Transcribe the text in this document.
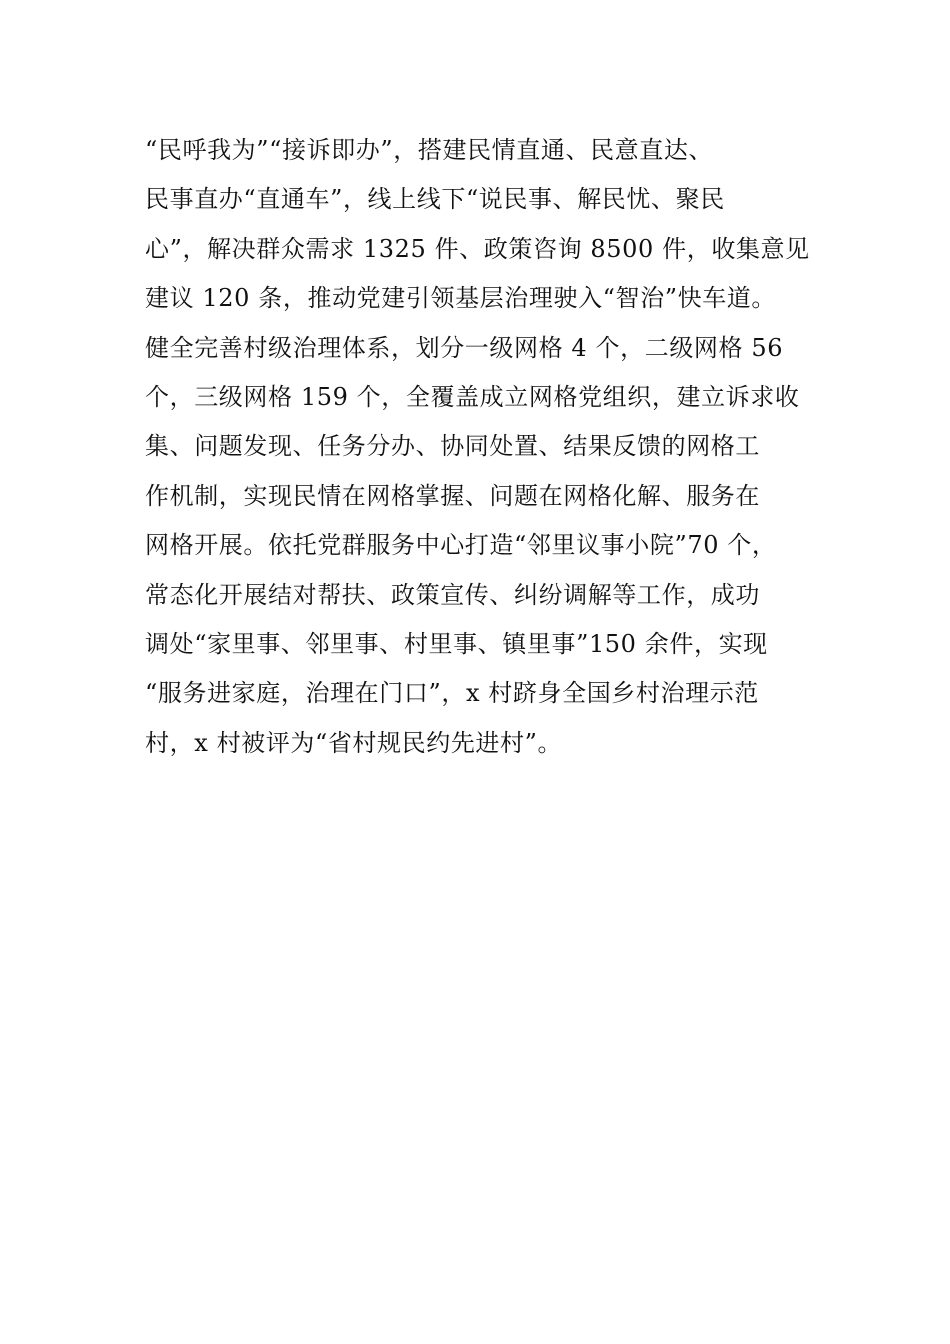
“民呼我为”“接诉即办”，搭建民情直通、民意直达、
民事直办“直通车”，线上线下“说民事、解民忧、聚民
心”，解决群众需求 1325 件、政策咨询 8500 件，收集意见
建议 120 条，推动党建引领基层治理驶入“智治”快车道。
健全完善村级治理体系，划分一级网格 4 个，二级网格 56
个，三级网格 159 个，全覆盖成立网格党组织，建立诉求收
集、问题发现、任务分办、协同处置、结果反馈的网格工
作机制，实现民情在网格掌握、问题在网格化解、服务在
网格开展。依托党群服务中心打造“邻里议事小院”70 个，
常态化开展结对帮扶、政策宣传、纠纷调解等工作，成功
调处“家里事、邻里事、村里事、镇里事”150 余件，实现
“服务进家庭，治理在门口”，x 村跻身全国乡村治理示范
村，x 村被评为“省村规民约先进村”。
